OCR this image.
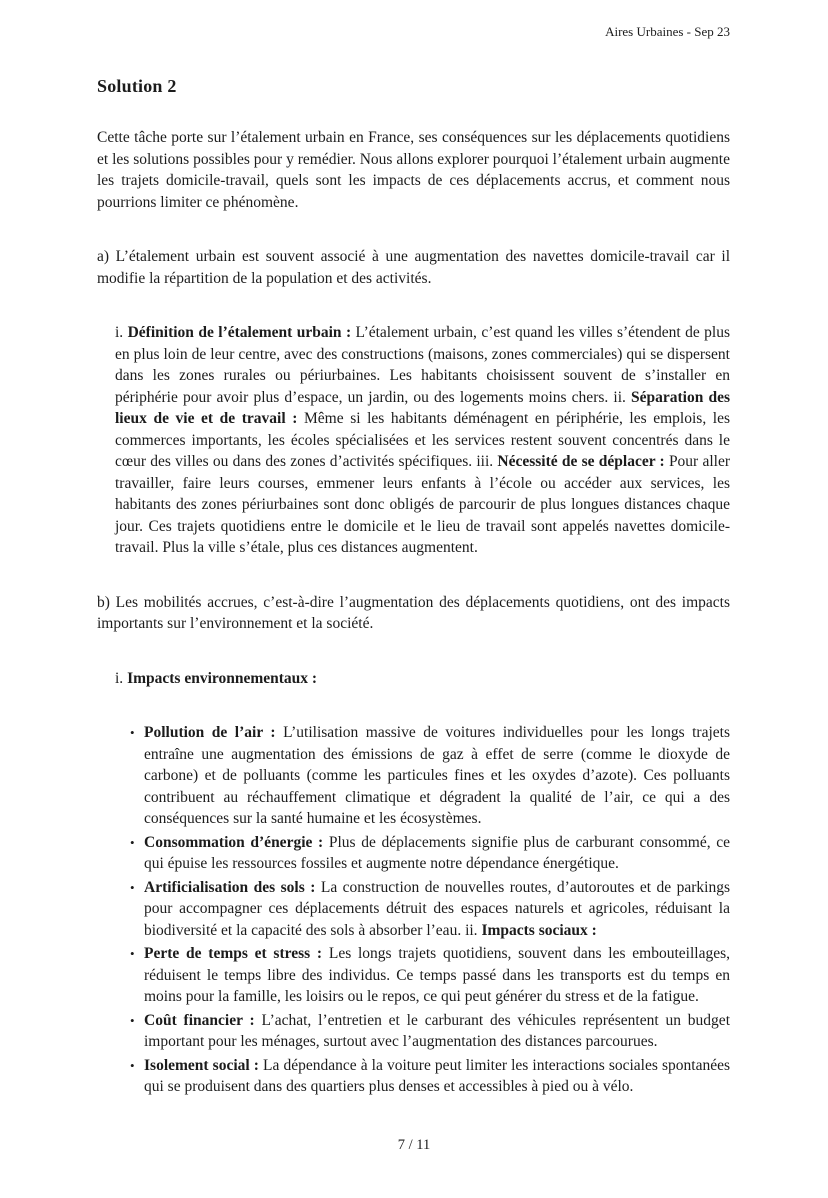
Aires Urbaines - Sep 23
Solution 2

Cette tâche porte sur l’étalement urbain en France, ses conséquences sur les déplacements quotidiens et les solutions possibles pour y remédier. Nous allons explorer pourquoi l’étalement urbain augmente les trajets domicile-travail, quels sont les impacts de ces déplacements accrus, et comment nous pourrions limiter ce phénomène.

a) L’étalement urbain est souvent associé à une augmentation des navettes domicile-travail car il modifie la répartition de la population et des activités.

i. Définition de l’étalement urbain : L’étalement urbain, c’est quand les villes s’étendent de plus en plus loin de leur centre, avec des constructions (maisons, zones commerciales) qui se dispersent dans les zones rurales ou périurbaines. Les habitants choisissent souvent de s’installer en périphérie pour avoir plus d’espace, un jardin, ou des logements moins chers. ii. Séparation des lieux de vie et de travail : Même si les habitants déménagent en périphérie, les emplois, les commerces importants, les écoles spécialisées et les services restent souvent concentrés dans le cœur des villes ou dans des zones d’activités spécifiques. iii. Nécessité de se déplacer : Pour aller travailler, faire leurs courses, emmener leurs enfants à l’école ou accéder aux services, les habitants des zones périurbaines sont donc obligés de parcourir de plus longues distances chaque jour. Ces trajets quotidiens entre le domicile et le lieu de travail sont appelés navettes domicile-travail. Plus la ville s’étale, plus ces distances augmentent.

b) Les mobilités accrues, c’est-à-dire l’augmentation des déplacements quotidiens, ont des impacts importants sur l’environnement et la société.

i. Impacts environnementaux :

• Pollution de l’air : L’utilisation massive de voitures individuelles pour les longs trajets entraîne une augmentation des émissions de gaz à effet de serre (comme le dioxyde de carbone) et de polluants (comme les particules fines et les oxydes d’azote). Ces polluants contribuent au réchauffement climatique et dégradent la qualité de l’air, ce qui a des conséquences sur la santé humaine et les écosystèmes.
• Consommation d’énergie : Plus de déplacements signifie plus de carburant consommé, ce qui épuise les ressources fossiles et augmente notre dépendance énergétique.
• Artificialisation des sols : La construction de nouvelles routes, d’autoroutes et de parkings pour accompagner ces déplacements détruit des espaces naturels et agricoles, réduisant la biodiversité et la capacité des sols à absorber l’eau. ii. Impacts sociaux :
• Perte de temps et stress : Les longs trajets quotidiens, souvent dans les embouteillages, réduisent le temps libre des individus. Ce temps passé dans les transports est du temps en moins pour la famille, les loisirs ou le repos, ce qui peut générer du stress et de la fatigue.
• Coût financier : L’achat, l’entretien et le carburant des véhicules représentent un budget important pour les ménages, surtout avec l’augmentation des distances parcourues.
• Isolement social : La dépendance à la voiture peut limiter les interactions sociales spontanées qui se produisent dans des quartiers plus denses et accessibles à pied ou à vélo.
7 / 11
